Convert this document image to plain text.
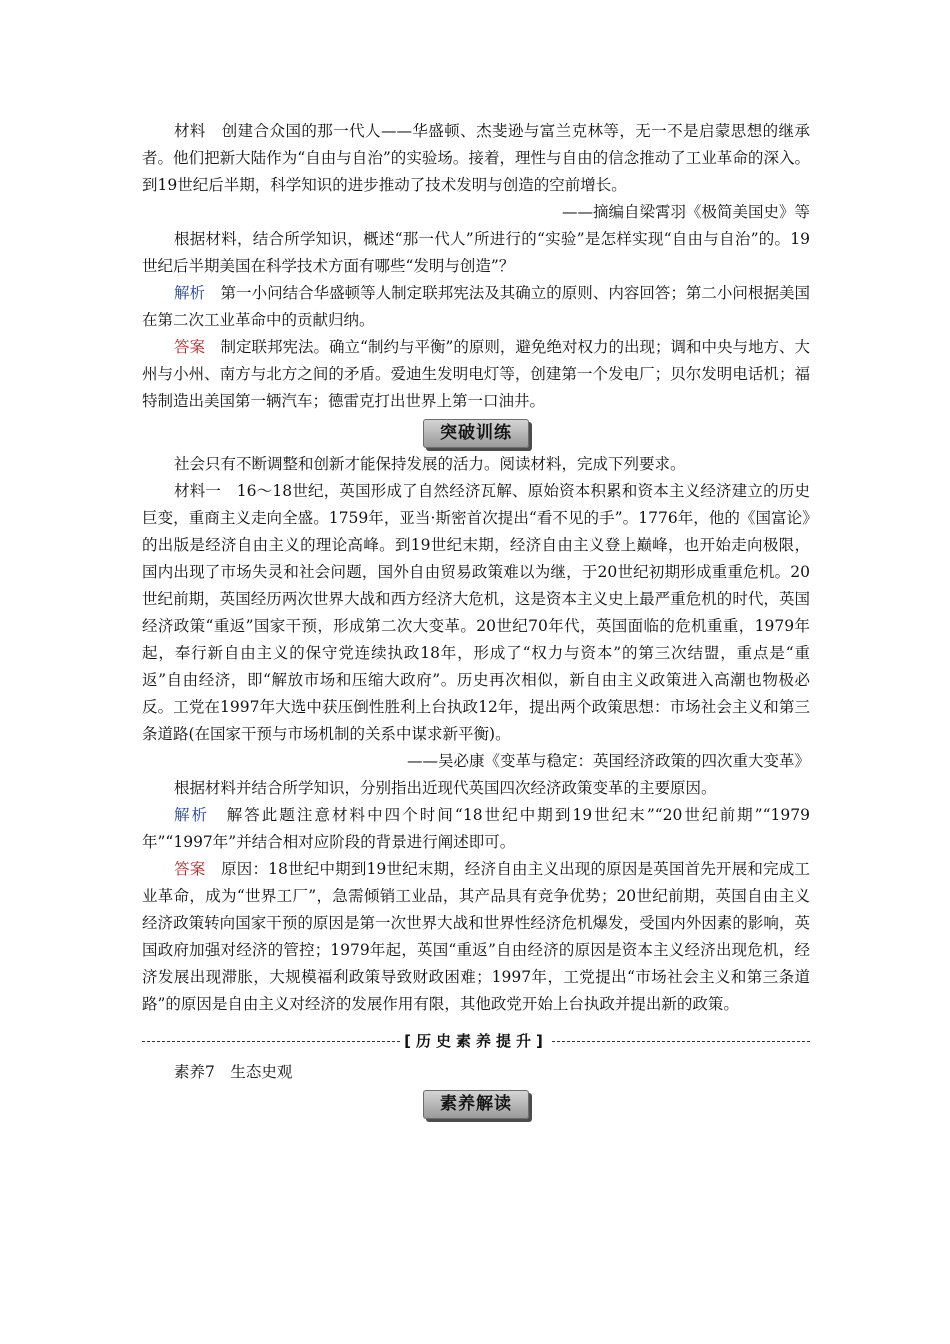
材料　 创建合众国的那一代人——华盛顿、杰斐逊与富兰克林等，无一不是启蒙思想的继承者。他们把新大陆作为“自由与自治”的实验场。接着，理性与自由的信念推动了工业革命的深入。到19世纪后半期，科学知识的进步推动了技术发明与创造的空前增长。

——摘编自梁霄羽《极简美国史》等

根据材料，结合所学知识，概述“那一代人”所进行的“实验”是怎样实现“自由与自治”的。19世纪后半期美国在科学技术方面有哪些“发明与创造”？

解析　 第一小问结合华盛顿等人制定联邦宪法及其确立的原则、内容回答；第二小问根据美国在第二次工业革命中的贡献归纳。

答案　 制定联邦宪法。确立“制约与平衡”的原则，避免绝对权力的出现；调和中央与地方、大州与小州、南方与北方之间的矛盾。爱迪生发明电灯等，创建第一个发电厂；贝尔发明电话机；福特制造出美国第一辆汽车；德雷克打出世界上第一口油井。

突破训练

社会只有不断调整和创新才能保持发展的活力。阅读材料，完成下列要求。

材料一　 16～18世纪，英国形成了自然经济瓦解、原始资本积累和资本主义经济建立的历史巨变，重商主义走向全盛。1759年，亚当·斯密首次提出“看不见的手”。1776年，他的《国富论》的出版是经济自由主义的理论高峰。到19世纪末期，经济自由主义登上巅峰，也开始走向极限，国内出现了市场失灵和社会问题，国外自由贸易政策难以为继，于20世纪初期形成重重危机。20世纪前期，英国经历两次世界大战和西方经济大危机，这是资本主义史上最严重危机的时代，英国经济政策“重返”国家干预，形成第二次大变革。20世纪70年代，英国面临的危机重重，1979年起，奉行新自由主义的保守党连续执政18年，形成了“权力与资本”的第三次结盟，重点是“重返”自由经济，即“解放市场和压缩大政府”。历史再次相似，新自由主义政策进入高潮也物极必反。工党在1997年大选中获压倒性胜利上台执政12年，提出两个政策思想：市场社会主义和第三条道路(在国家干预与市场机制的关系中谋求新平衡)。

——吴必康《变革与稳定：英国经济政策的四次重大变革》

根据材料并结合所学知识，分别指出近现代英国四次经济政策变革的主要原因。

解析　 解答此题注意材料中四个时间“18世纪中期到19世纪末”“20世纪前期”“1979年”“1997年”并结合相对应阶段的背景进行阐述即可。

答案　 原因：18世纪中期到19世纪末期，经济自由主义出现的原因是英国首先开展和完成工业革命，成为“世界工厂”，急需倾销工业品，其产品具有竞争优势；20世纪前期，英国自由主义经济政策转向国家干预的原因是第一次世界大战和世界性经济危机爆发，受国内外因素的影响，英国政府加强对经济的管控；1979年起，英国“重返”自由经济的原因是资本主义经济出现危机，经济发展出现滞胀，大规模福利政策导致财政困难；1997年，工党提出“市场社会主义和第三条道路”的原因是自由主义对经济的发展作用有限，其他政党开始上台执政并提出新的政策。

[历史素养提升]

素养7　生态史观

素养解读
